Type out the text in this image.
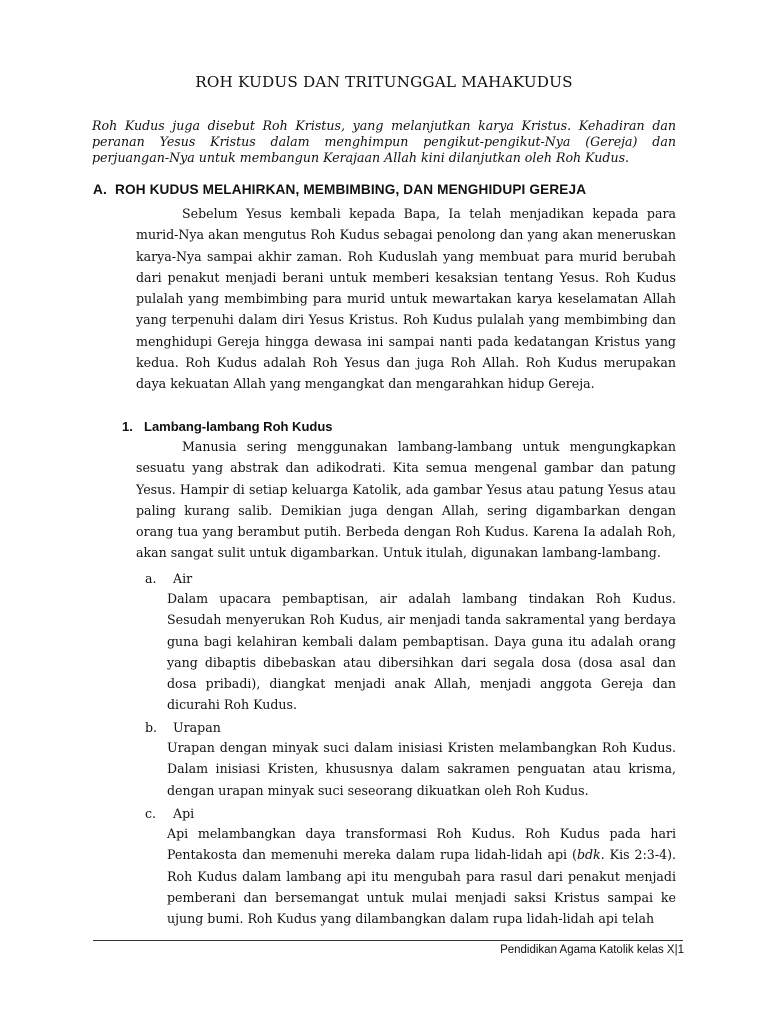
ROH KUDUS DAN TRITUNGGAL MAHAKUDUS
Roh Kudus juga disebut Roh Kristus, yang melanjutkan karya Kristus. Kehadiran dan peranan Yesus Kristus dalam menghimpun pengikut-pengikut-Nya (Gereja) dan perjuangan-Nya untuk membangun Kerajaan Allah kini dilanjutkan oleh Roh Kudus.
A. ROH KUDUS MELAHIRKAN, MEMBIMBING, DAN MENGHIDUPI GEREJA
Sebelum Yesus kembali kepada Bapa, Ia telah menjadikan kepada para murid-Nya akan mengutus Roh Kudus sebagai penolong dan yang akan meneruskan karya-Nya sampai akhir zaman. Roh Kuduslah yang membuat para murid berubah dari penakut menjadi berani untuk memberi kesaksian tentang Yesus. Roh Kudus pulalah yang membimbing para murid untuk mewartakan karya keselamatan Allah yang terpenuhi dalam diri Yesus Kristus. Roh Kudus pulalah yang membimbing dan menghidupi Gereja hingga dewasa ini sampai nanti pada kedatangan Kristus yang kedua. Roh Kudus adalah Roh Yesus dan juga Roh Allah. Roh Kudus merupakan daya kekuatan Allah yang mengangkat dan mengarahkan hidup Gereja.
1. Lambang-lambang Roh Kudus
Manusia sering menggunakan lambang-lambang untuk mengungkapkan sesuatu yang abstrak dan adikodrati. Kita semua mengenal gambar dan patung Yesus. Hampir di setiap keluarga Katolik, ada gambar Yesus atau patung Yesus atau paling kurang salib. Demikian juga dengan Allah, sering digambarkan dengan orang tua yang berambut putih. Berbeda dengan Roh Kudus. Karena Ia adalah Roh, akan sangat sulit untuk digambarkan. Untuk itulah, digunakan lambang-lambang.
a. Air
Dalam upacara pembaptisan, air adalah lambang tindakan Roh Kudus. Sesudah menyerukan Roh Kudus, air menjadi tanda sakramental yang berdaya guna bagi kelahiran kembali dalam pembaptisan. Daya guna itu adalah orang yang dibaptis dibebaskan atau dibersihkan dari segala dosa (dosa asal dan dosa pribadi), diangkat menjadi anak Allah, menjadi anggota Gereja dan dicurahi Roh Kudus.
b. Urapan
Urapan dengan minyak suci dalam inisiasi Kristen melambangkan Roh Kudus. Dalam inisiasi Kristen, khususnya dalam sakramen penguatan atau krisma, dengan urapan minyak suci seseorang dikuatkan oleh Roh Kudus.
c. Api
Api melambangkan daya transformasi Roh Kudus. Roh Kudus pada hari Pentakosta dan memenuhi mereka dalam rupa lidah-lidah api (bdk. Kis 2:3-4). Roh Kudus dalam lambang api itu mengubah para rasul dari penakut menjadi pemberani dan bersemangat untuk mulai menjadi saksi Kristus sampai ke ujung bumi. Roh Kudus yang dilambangkan dalam rupa lidah-lidah api telah
Pendidikan Agama Katolik kelas X|1
